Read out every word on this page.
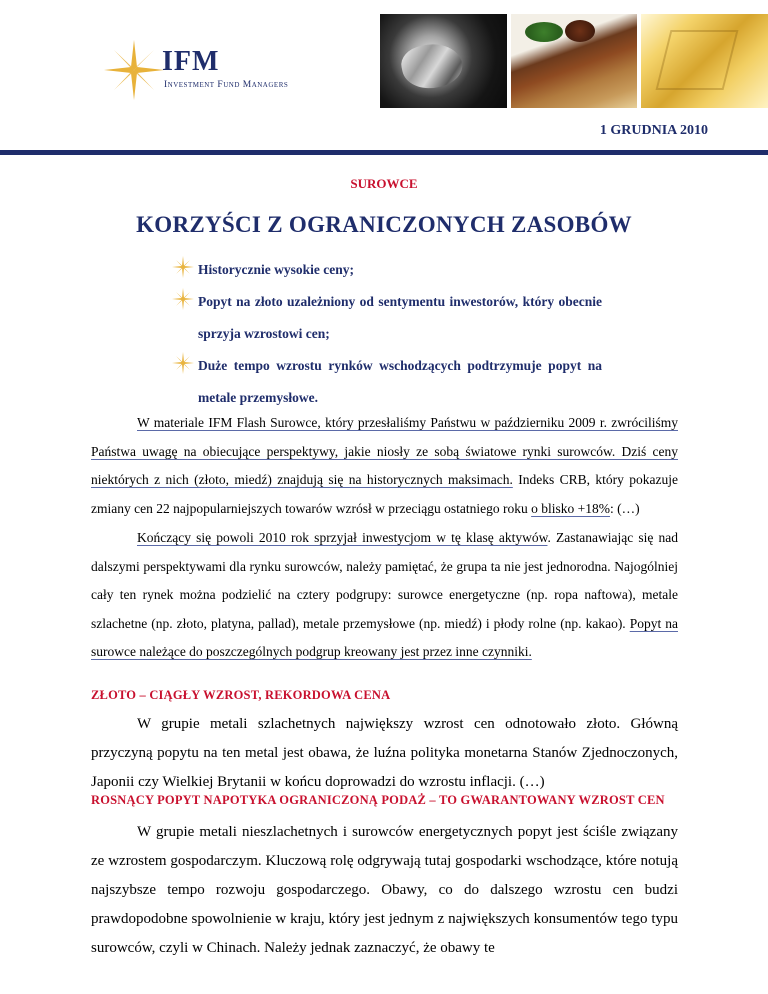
IFM
Investment Fund Managers
1 GRUDNIA 2010
SUROWCE
KORZYŚCI Z OGRANICZONYCH ZASOBÓW
Historycznie wysokie ceny;
Popyt na złoto uzależniony od sentymentu inwestorów, który obecnie sprzyja wzrostowi cen;
Duże tempo wzrostu rynków wschodzących podtrzymuje popyt na metale przemysłowe.
W materiale IFM Flash Surowce, który przesłaliśmy Państwu w październiku 2009 r. zwróciliśmy Państwa uwagę na obiecujące perspektywy, jakie niosły ze sobą światowe rynki surowców. Dziś ceny niektórych z nich (złoto, miedź) znajdują się na historycznych maksimach. Indeks CRB, który pokazuje zmiany cen 22 najpopularniejszych towarów wzrósł w przeciągu ostatniego roku o blisko +18%: (…)
Kończący się powoli 2010 rok sprzyjał inwestycjom w tę klasę aktywów. Zastanawiając się nad dalszymi perspektywami dla rynku surowców, należy pamiętać, że grupa ta nie jest jednorodna. Najogólniej cały ten rynek można podzielić na cztery podgrupy: surowce energetyczne (np. ropa naftowa), metale szlachetne (np. złoto, platyna, pallad), metale przemysłowe (np. miedź) i płody rolne (np. kakao). Popyt na surowce należące do poszczególnych podgrup kreowany jest przez inne czynniki.
ZŁOTO – CIĄGŁY WZROST, REKORDOWA CENA
W grupie metali szlachetnych największy wzrost cen odnotowało złoto. Główną przyczyną popytu na ten metal jest obawa, że luźna polityka monetarna Stanów Zjednoczonych, Japonii czy Wielkiej Brytanii w końcu doprowadzi do wzrostu inflacji. (…)
ROSNĄCY POPYT NAPOTYKA OGRANICZONĄ PODAŻ – TO GWARANTOWANY WZROST CEN
W grupie metali nieszlachetnych i surowców energetycznych popyt jest ściśle związany ze wzrostem gospodarczym. Kluczową rolę odgrywają tutaj gospodarki wschodzące, które notują najszybsze tempo rozwoju gospodarczego. Obawy, co do dalszego wzrostu cen budzi prawdopodobne spowolnienie w kraju, który jest jednym z największych konsumentów tego typu surowców, czyli w Chinach. Należy jednak zaznaczyć, że obawy te
